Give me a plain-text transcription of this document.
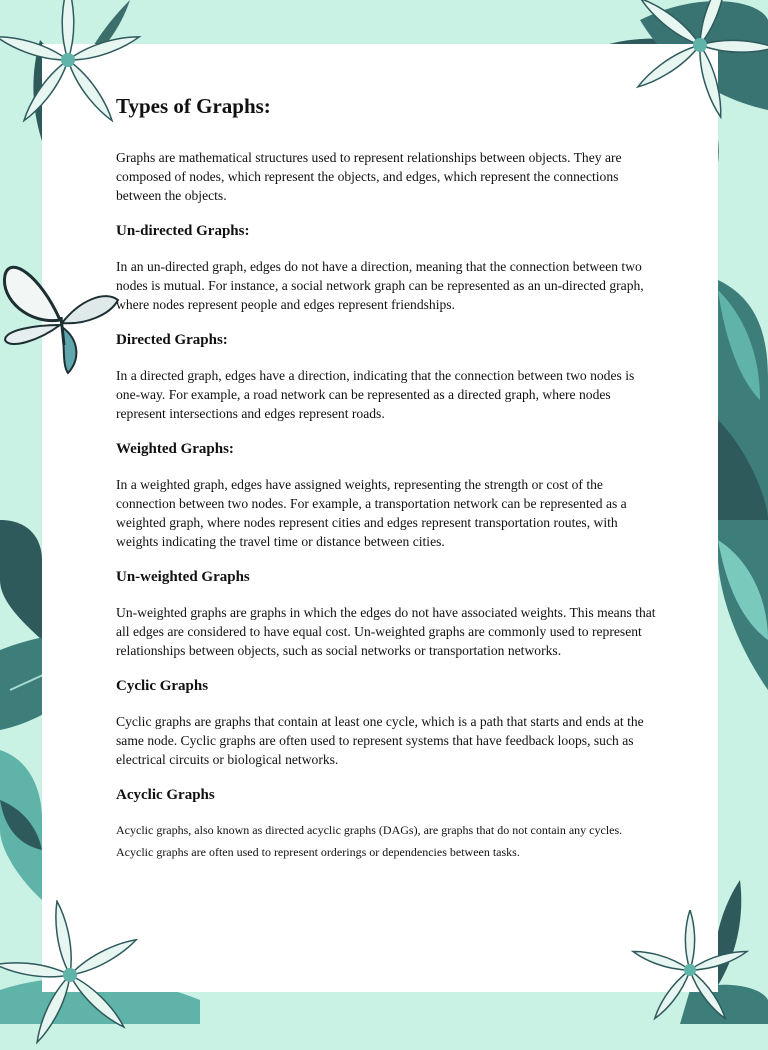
Types of Graphs:

Graphs are mathematical structures used to represent relationships between objects. They are composed of nodes, which represent the objects, and edges, which represent the connections between the objects.

Un-directed Graphs:

In an un-directed graph, edges do not have a direction, meaning that the connection between two nodes is mutual. For instance, a social network graph can be represented as an un-directed graph, where nodes represent people and edges represent friendships.

Directed Graphs:

In a directed graph, edges have a direction, indicating that the connection between two nodes is one-way. For example, a road network can be represented as a directed graph, where nodes represent intersections and edges represent roads.

Weighted Graphs:

In a weighted graph, edges have assigned weights, representing the strength or cost of the connection between two nodes. For example, a transportation network can be represented as a weighted graph, where nodes represent cities and edges represent transportation routes, with weights indicating the travel time or distance between cities.

Un-weighted Graphs

Un-weighted graphs are graphs in which the edges do not have associated weights. This means that all edges are considered to have equal cost. Un-weighted graphs are commonly used to represent relationships between objects, such as social networks or transportation networks.

Cyclic Graphs

Cyclic graphs are graphs that contain at least one cycle, which is a path that starts and ends at the same node. Cyclic graphs are often used to represent systems that have feedback loops, such as electrical circuits or biological networks.

Acyclic Graphs

Acyclic graphs, also known as directed acyclic graphs (DAGs), are graphs that do not contain any cycles. Acyclic graphs are often used to represent orderings or dependencies between tasks.
